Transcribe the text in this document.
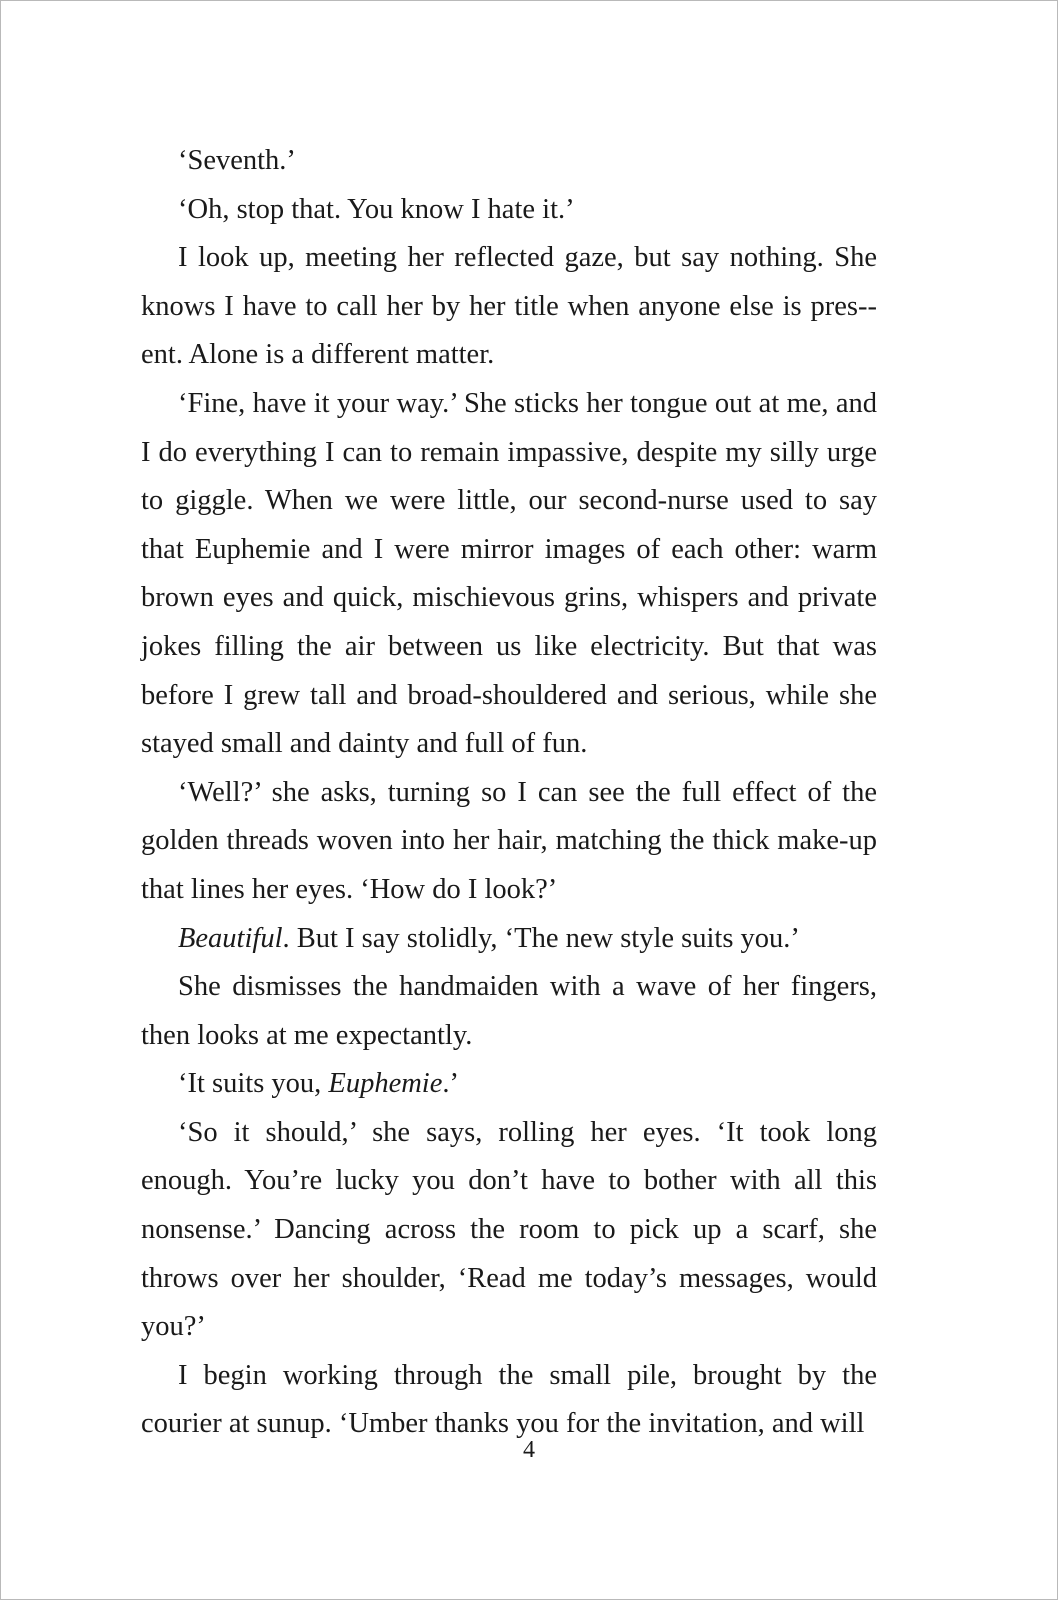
‘Seventh.’

‘Oh, stop that. You know I hate it.’

I look up, meeting her reflected gaze, but say nothing. She knows I have to call her by her title when anyone else is pres-ent. Alone is a different matter.

‘Fine, have it your way.’ She sticks her tongue out at me, and I do everything I can to remain impassive, despite my silly urge to giggle. When we were little, our second-nurse used to say that Euphemie and I were mirror images of each other: warm brown eyes and quick, mischievous grins, whispers and private jokes filling the air between us like electricity. But that was before I grew tall and broad-shouldered and serious, while she stayed small and dainty and full of fun.

‘Well?’ she asks, turning so I can see the full effect of the golden threads woven into her hair, matching the thick make-up that lines her eyes. ‘How do I look?’

Beautiful. But I say stolidly, ‘The new style suits you.’

She dismisses the handmaiden with a wave of her fingers, then looks at me expectantly.

‘It suits you, Euphemie.’

‘So it should,’ she says, rolling her eyes. ‘It took long enough. You’re lucky you don’t have to bother with all this nonsense.’ Dancing across the room to pick up a scarf, she throws over her shoulder, ‘Read me today’s messages, would you?’

I begin working through the small pile, brought by the courier at sunup. ‘Umber thanks you for the invitation, and will

4
